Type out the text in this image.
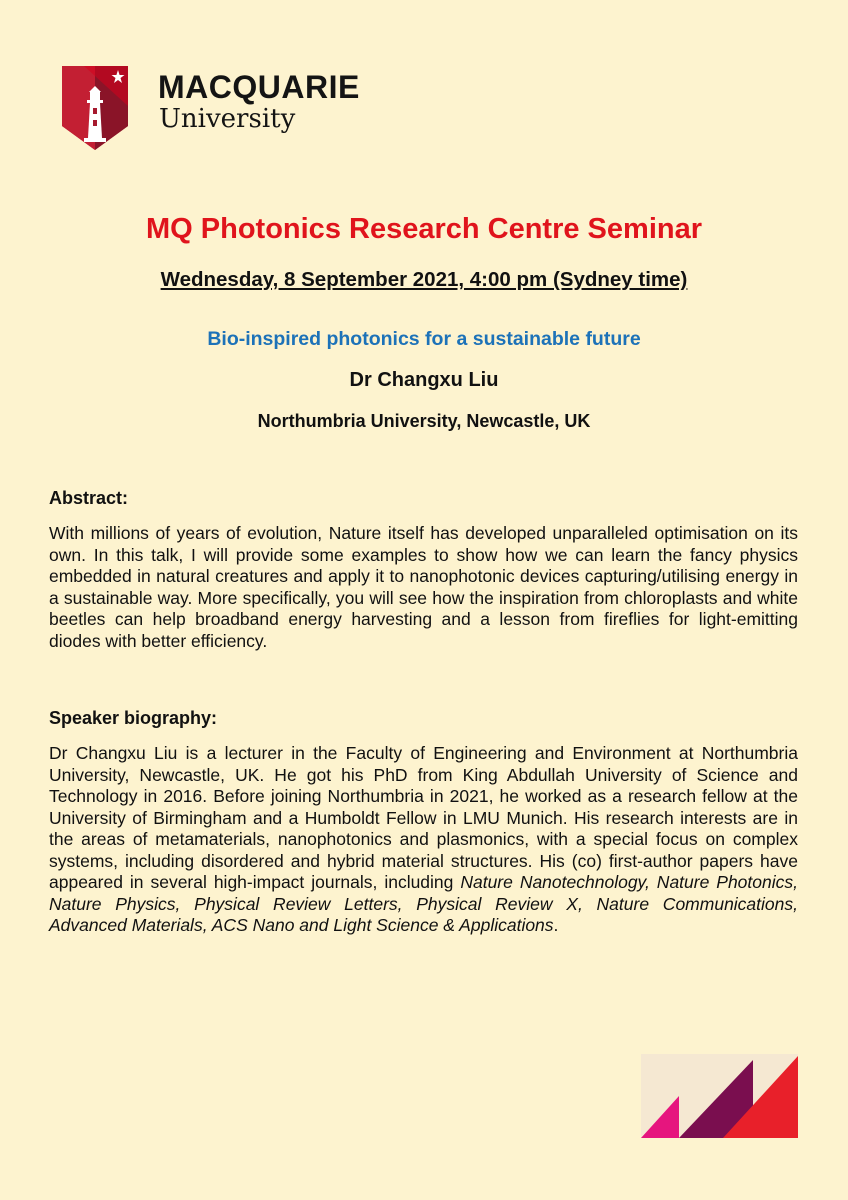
MACQUARIE
University
MQ Photonics Research Centre Seminar
Wednesday, 8 September 2021, 4:00 pm (Sydney time)
Bio-inspired photonics for a sustainable future
Dr Changxu Liu
Northumbria University, Newcastle, UK
Abstract:
With millions of years of evolution, Nature itself has developed unparalleled optimisation on its own. In this talk, I will provide some examples to show how we can learn the fancy physics embedded in natural creatures and apply it to nanophotonic devices capturing/utilising energy in a sustainable way. More specifically, you will see how the inspiration from chloroplasts and white beetles can help broadband energy harvesting and a lesson from fireflies for light-emitting diodes with better efficiency.
Speaker biography:
Dr Changxu Liu is a lecturer in the Faculty of Engineering and Environment at Northumbria University, Newcastle, UK. He got his PhD from King Abdullah University of Science and Technology in 2016. Before joining Northumbria in 2021, he worked as a research fellow at the University of Birmingham and a Humboldt Fellow in LMU Munich. His research interests are in the areas of metamaterials, nanophotonics and plasmonics, with a special focus on complex systems, including disordered and hybrid material structures. His (co) first-author papers have appeared in several high-impact journals, including Nature Nanotechnology, Nature Photonics, Nature Physics, Physical Review Letters, Physical Review X, Nature Communications, Advanced Materials, ACS Nano and Light Science & Applications.
